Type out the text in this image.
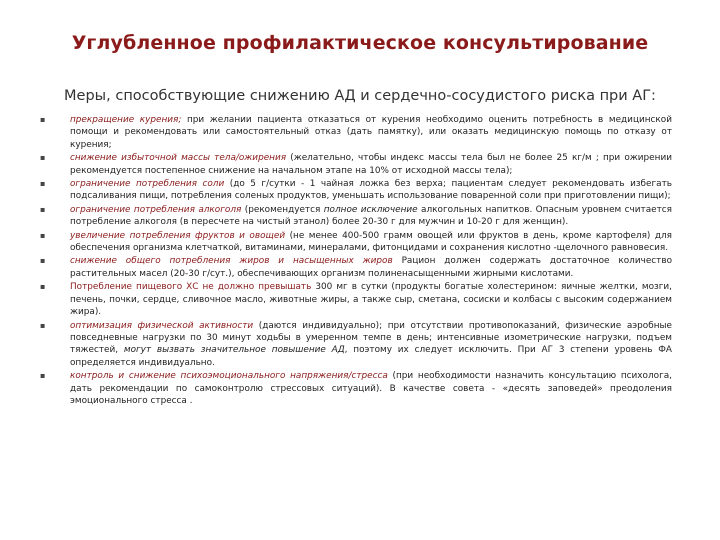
Углубленное профилактическое консультирование
Меры, способствующие снижению АД и сердечно-сосудистого риска при АГ:
▪	прекращение курения; при желании пациента отказаться от курения необходимо оценить потребность в медицинской помощи и рекомендовать или самостоятельный отказ (дать памятку), или оказать медицинскую помощь по отказу от курения;
▪	снижение избыточной массы тела/ожирения (желательно, чтобы индекс массы тела был не более 25 кг/м ; при ожирении рекомендуется постепенное снижение на начальном этапе на 10% от исходной массы тела);
▪	ограничение потребления соли (до 5 г/сутки - 1 чайная ложка без верха; пациентам следует рекомендовать избегать подсаливания пищи, потребления соленых продуктов, уменьшать использование поваренной соли при приготовлении пищи);
▪	ограничение потребления алкоголя (рекомендуется полное исключение алкогольных напитков. Опасным уровнем считается потребление алкоголя (в пересчете на чистый этанол) более 20-30 г для мужчин и 10-20 г для женщин).
▪	увеличение потребления фруктов и овощей (не менее 400-500 грамм овощей или фруктов в день, кроме картофеля) для обеспечения организма клетчаткой, витаминами, минералами, фитонцидами и сохранения кислотно -щелочного равновесия.
▪	снижение общего потребления жиров и насыщенных жиров Рацион должен содержать достаточное количество растительных масел (20-30 г/сут.), обеспечивающих организм полиненасыщенными жирными кислотами.
▪	Потребление пищевого ХС не должно превышать 300 мг в сутки (продукты богатые холестерином: яичные желтки, мозги, печень, почки, сердце, сливочное масло, животные жиры, а также сыр, сметана, сосиски и колбасы с высоким содержанием жира).
▪	оптимизация физической активности (даются индивидуально); при отсутствии противопоказаний, физические аэробные повседневные нагрузки по 30 минут ходьбы в умеренном темпе в день; интенсивные изометрические нагрузки, подъем тяжестей, могут вызвать значительное повышение АД, поэтому их следует исключить. При АГ 3 степени уровень ФА определяется индивидуально.
▪	контроль и снижение психоэмоционального напряжения/стресса (при необходимости назначить консультацию психолога, дать рекомендации по самоконтролю стрессовых ситуаций). В качестве совета - «десять заповедей» преодоления эмоционального стресса .
